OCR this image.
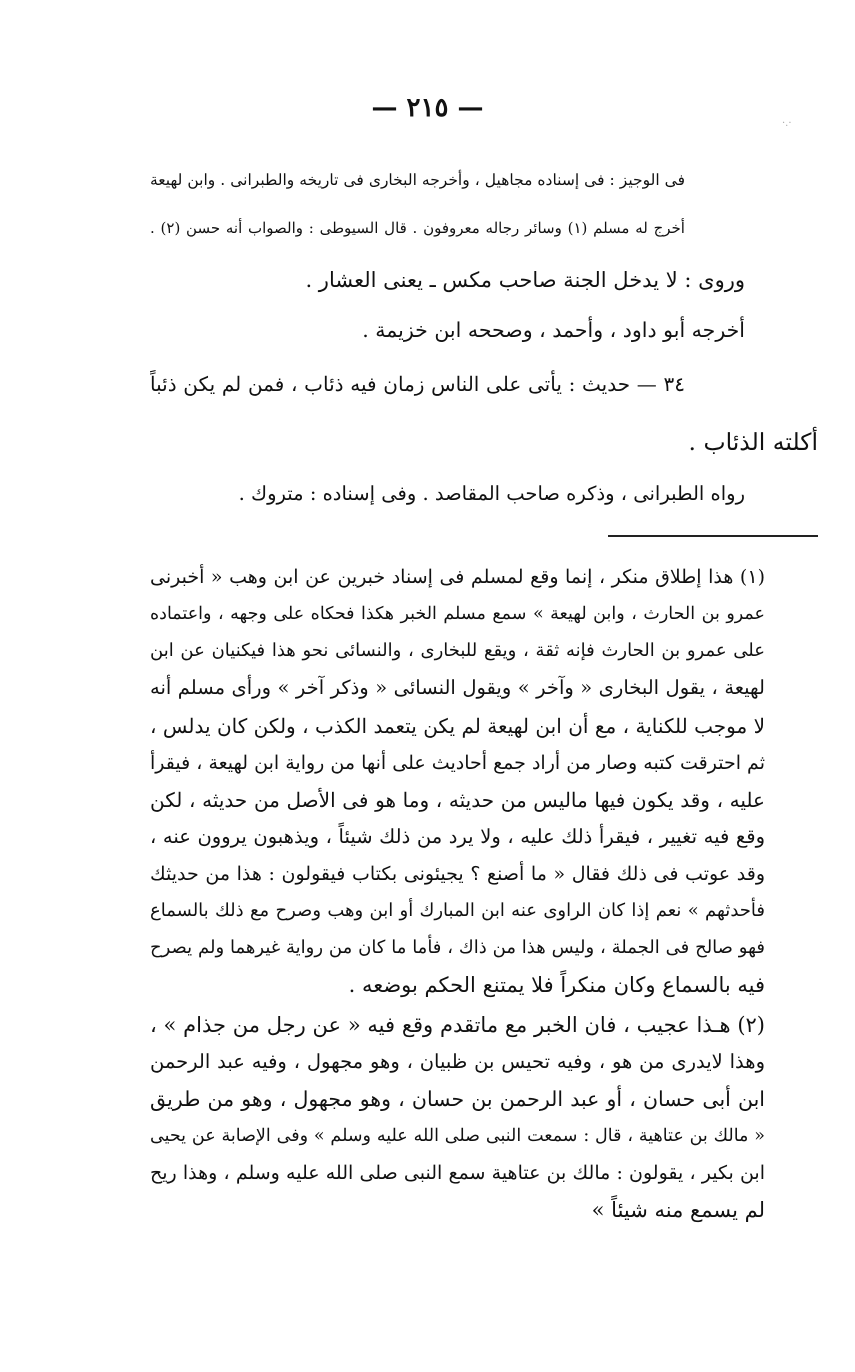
·.·
— ٢١٥ —
فى الوجيز : فى إسناده مجاهيل ، وأخرجه البخارى فى تاريخه والطبرانى . وابن لهيعة
أخرج له مسلم (١) وسائر رجاله معروفون . قال السيوطى : والصواب أنه حسن (٢) .
وروى : لا يدخل الجنة صاحب مكس ـ يعنى العشار .
أخرجه أبو داود ، وأحمد ، وصححه ابن خزيمة .
٣٤ — حديث : يأتى على الناس زمان فيه ذئاب ، فمن لم يكن ذئباً
أكلته الذئاب .
رواه الطبرانى ، وذكره صاحب المقاصد . وفى إسناده : متروك .
(١) هذا إطلاق منكر ، إنما وقع لمسلم فى إسناد خبرين عن ابن وهب « أخبرنى
عمرو بن الحارث ، وابن لهيعة » سمع مسلم الخبر هكذا فحكاه على وجهه ، واعتماده
على عمرو بن الحارث فإنه ثقة ، ويقع للبخارى ، والنسائى نحو هذا فيكنيان عن ابن
لهيعة ، يقول البخارى « وآخر » ويقول النسائى « وذكر آخر » ورأى مسلم أنه
لا موجب للكناية ، مع أن ابن لهيعة لم يكن يتعمد الكذب ، ولكن كان يدلس ،
ثم احترقت كتبه وصار من أراد جمع أحاديث على أنها من رواية ابن لهيعة ، فيقرأ
عليه ، وقد يكون فيها ماليس من حديثه ، وما هو فى الأصل من حديثه ، لكن
وقع فيه تغيير ، فيقرأ ذلك عليه ، ولا يرد من ذلك شيئاً ، ويذهبون يروون عنه ،
وقد عوتب فى ذلك فقال « ما أصنع ؟ يجيئونى بكتاب فيقولون : هذا من حديثك
فأحدثهم » نعم إذا كان الراوى عنه ابن المبارك أو ابن وهب وصرح مع ذلك بالسماع
فهو صالح فى الجملة ، وليس هذا من ذاك ، فأما ما كان من رواية غيرهما ولم يصرح
فيه بالسماع وكان منكراً فلا يمتنع الحكم بوضعه .
(٢) هـذا عجيب ، فان الخبر مع ماتقدم وقع فيه « عن رجل من جذام » ،
وهذا لايدرى من هو ، وفيه تحيس بن ظبيان ، وهو مجهول ، وفيه عبد الرحمن
ابن أبى حسان ، أو عبد الرحمن بن حسان ، وهو مجهول ، وهو من طريق
« مالك بن عتاهية ، قال : سمعت النبى صلى الله عليه وسلم » وفى الإصابة عن يحيى
ابن بكير ، يقولون : مالك بن عتاهية سمع النبى صلى الله عليه وسلم ، وهذا ريح
لم يسمع منه شيئاً »
